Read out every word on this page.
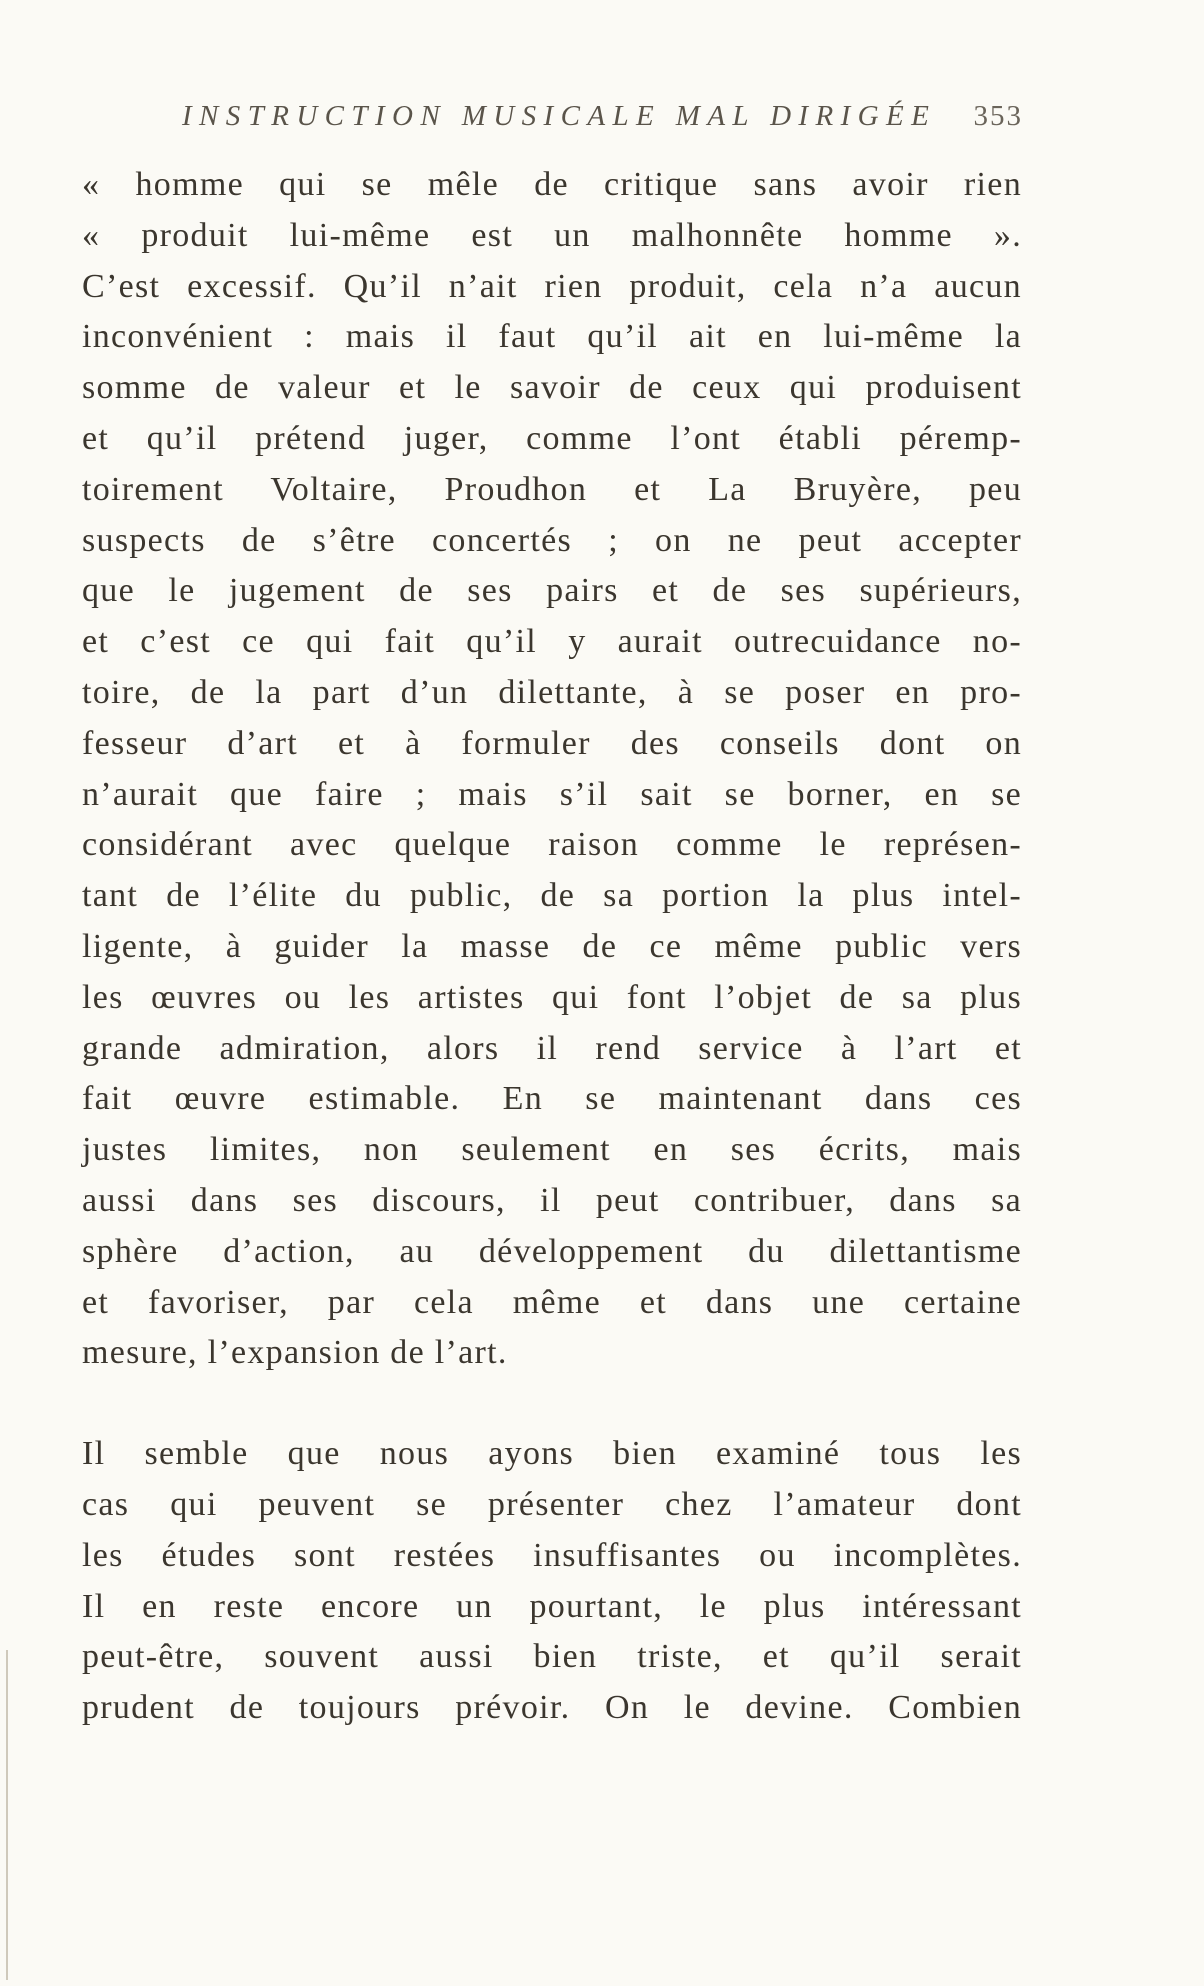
INSTRUCTION MUSICALE MAL DIRIGÉE 353
« homme qui se mêle de critique sans avoir rien
« produit lui-même est un malhonnête homme ».
C’est excessif. Qu’il n’ait rien produit, cela n’a aucun
inconvénient : mais il faut qu’il ait en lui-même la
somme de valeur et le savoir de ceux qui produisent
et qu’il prétend juger, comme l’ont établi péremp-
toirement Voltaire, Proudhon et La Bruyère, peu
suspects de s’être concertés ; on ne peut accepter
que le jugement de ses pairs et de ses supérieurs,
et c’est ce qui fait qu’il y aurait outrecuidance no-
toire, de la part d’un dilettante, à se poser en pro-
fesseur d’art et à formuler des conseils dont on
n’aurait que faire ; mais s’il sait se borner, en se
considérant avec quelque raison comme le représen-
tant de l’élite du public, de sa portion la plus intel-
ligente, à guider la masse de ce même public vers
les œuvres ou les artistes qui font l’objet de sa plus
grande admiration, alors il rend service à l’art et
fait œuvre estimable. En se maintenant dans ces
justes limites, non seulement en ses écrits, mais
aussi dans ses discours, il peut contribuer, dans sa
sphère d’action, au développement du dilettantisme
et favoriser, par cela même et dans une certaine
mesure, l’expansion de l’art.
Il semble que nous ayons bien examiné tous les
cas qui peuvent se présenter chez l’amateur dont
les études sont restées insuffisantes ou incomplètes.
Il en reste encore un pourtant, le plus intéressant
peut-être, souvent aussi bien triste, et qu’il serait
prudent de toujours prévoir. On le devine. Combien
